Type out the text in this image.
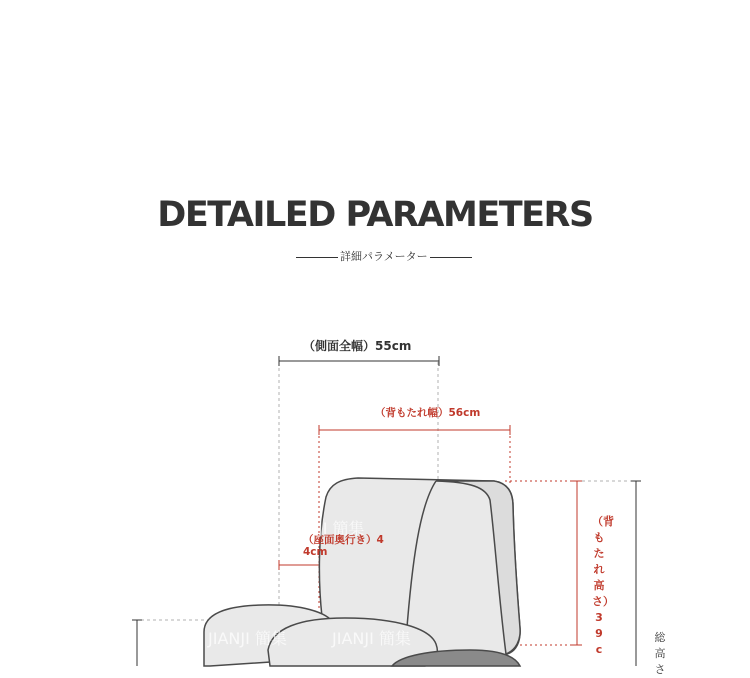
DETAILED PARAMETERS
詳細パラメーター
（側面全幅）55cm
（背もたれ幅）56cm
（座面奥行き）4
4cm
（背もたれ高さ）39c
総高さ
JI 簡集
JIANJI 簡集	JIANJI 簡集
